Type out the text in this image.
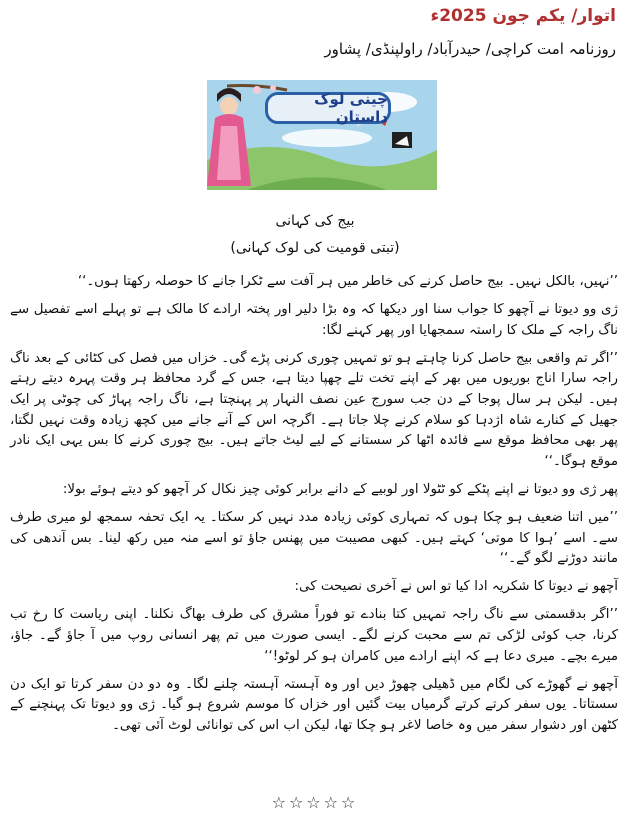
اتوار/ یکم جون 2025ء
روزنامہ امت کراچی/ حیدرآباد/ راولپنڈی/ پشاور
چینی لوک داستان
بیج کی کہانی
(تبتی قومیت کی لوک کہانی)

’’نہیں، بالکل نہیں۔ بیج حاصل کرنے کی خاطر میں ہر آفت سے ٹکرا جانے کا حوصلہ رکھتا ہوں۔‘‘

ژی وو دیوتا نے آچھو کا جواب سنا اور دیکھا کہ وہ بڑا دلیر اور پختہ ارادے کا مالک ہے تو پہلے اسے تفصیل سے ناگ راجہ کے ملک کا راستہ سمجھایا اور پھر کہنے لگا:

’’اگر تم واقعی بیج حاصل کرنا چاہتے ہو تو تمہیں چوری کرنی پڑے گی۔ خزاں میں فصل کی کٹائی کے بعد ناگ راجہ سارا اناج بوریوں میں بھر کے اپنے تخت تلے چھپا دیتا ہے، جس کے گرد محافظ ہر وقت پہرہ دیتے رہتے ہیں۔ لیکن ہر سال پوجا کے دن جب سورج عین نصف النہار پر پہنچتا ہے، ناگ راجہ پہاڑ کی چوٹی پر ایک جھیل کے کنارے شاہ اژدہا کو سلام کرنے چلا جاتا ہے۔ اگرچہ اس کے آنے جانے میں کچھ زیادہ وقت نہیں لگتا، پھر بھی محافظ موقع سے فائدہ اٹھا کر سستانے کے لیے لیٹ جاتے ہیں۔ بیج چوری کرنے کا بس یہی ایک نادر موقع ہوگا۔‘‘

پھر ژی وو دیوتا نے اپنے پٹکے کو ٹٹولا اور لوبیے کے دانے برابر کوئی چیز نکال کر آچھو کو دیتے ہوئے بولا:

’’میں اتنا ضعیف ہو چکا ہوں کہ تمہاری کوئی زیادہ مدد نہیں کر سکتا۔ یہ ایک تحفہ سمجھ لو میری طرف سے۔ اسے ’ہوا کا موتی‘ کہتے ہیں۔ کبھی مصیبت میں پھنس جاؤ تو اسے منہ میں رکھ لینا۔ بس آندھی کی مانند دوڑنے لگو گے۔‘‘

آچھو نے دیوتا کا شکریہ ادا کیا تو اس نے آخری نصیحت کی:

’’اگر بدقسمتی سے ناگ راجہ تمہیں کتا بنادے تو فوراً مشرق کی طرف بھاگ نکلنا۔ اپنی ریاست کا رخ تب کرنا، جب کوئی لڑکی تم سے محبت کرنے لگے۔ ایسی صورت میں تم پھر انسانی روپ میں آ جاؤ گے۔ جاؤ، میرے بچے۔ میری دعا ہے کہ اپنے ارادے میں کامران ہو کر لوٹو!‘‘

آچھو نے گھوڑے کی لگام میں ڈھیلی چھوڑ دیں اور وہ آہستہ آہستہ چلنے لگا۔ وہ دو دن سفر کرتا تو ایک دن سستاتا۔ یوں سفر کرتے کرتے گرمیاں بیت گئیں اور خزاں کا موسم شروع ہو گیا۔ ژی وو دیوتا تک پہنچنے کے کٹھن اور دشوار سفر میں وہ خاصا لاغر ہو چکا تھا، لیکن اب اس کی توانائی لوٹ آئی تھی۔

☆☆☆☆☆
